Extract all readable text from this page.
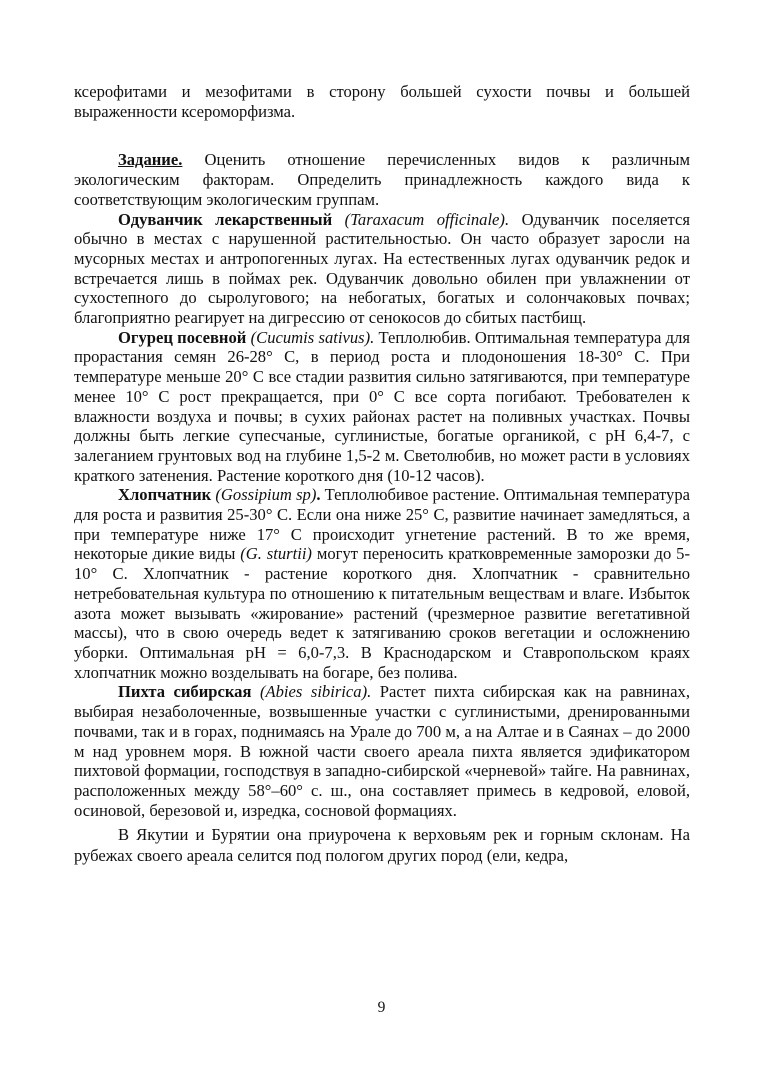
ксерофитами и мезофитами в сторону большей сухости почвы и большей выраженности ксероморфизма.

Задание. Оценить отношение перечисленных видов к различным экологическим факторам. Определить принадлежность каждого вида к соответствующим экологическим группам.

Одуванчик лекарственный (Taraxacum officinale). Одуванчик поселяется обычно в местах с нарушенной растительностью. Он часто образует заросли на мусорных местах и антропогенных лугах. На естественных лугах одуванчик редок и встречается лишь в поймах рек. Одуванчик довольно обилен при увлажнении от сухостепного до сыролугового; на небогатых, богатых и солончаковых почвах; благоприятно реагирует на дигрессию от сенокосов до сбитых пастбищ.

Огурец посевной (Cucumis sativus). Теплолюбив. Оптимальная температура для прорастания семян 26-28° С, в период роста и плодоношения 18-30° С. При температуре меньше 20° С все стадии развития сильно затягиваются, при температуре менее 10° С рост прекращается, при 0° С все сорта погибают. Требователен к влажности воздуха и почвы; в сухих районах растет на поливных участках. Почвы должны быть легкие супесчаные, суглинистые, богатые органикой, с рН 6,4-7, с залеганием грунтовых вод на глубине 1,5-2 м. Светолюбив, но может расти в условиях краткого затенения. Растение короткого дня (10-12 часов).

Хлопчатник (Gossipium sp). Теплолюбивое растение. Оптимальная температура для роста и развития 25-30° С. Если она ниже 25° С, развитие начинает замедляться, а при температуре ниже 17° С происходит угнетение растений. В то же время, некоторые дикие виды (G. sturtii) могут переносить кратковременные заморозки до 5-10° С. Хлопчатник - растение короткого дня. Хлопчатник - сравнительно нетребовательная культура по отношению к питательным веществам и влаге. Избыток азота может вызывать «жирование» растений (чрезмерное развитие вегетативной массы), что в свою очередь ведет к затягиванию сроков вегетации и осложнению уборки. Оптимальная рН = 6,0-7,3. В Краснодарском и Ставропольском краях хлопчатник можно возделывать на богаре, без полива.

Пихта сибирская (Abies sibirica). Растет пихта сибирская как на равнинах, выбирая незаболоченные, возвышенные участки с суглинистыми, дренированными почвами, так и в горах, поднимаясь на Урале до 700 м, а на Алтае и в Саянах – до 2000 м над уровнем моря. В южной части своего ареала пихта является эдификатором пихтовой формации, господствуя в западно-сибирской «черневой» тайге. На равнинах, расположенных между 58°–60° с. ш., она составляет примесь в кедровой, еловой, осиновой, березовой и, изредка, сосновой формациях.

В Якутии и Бурятии она приурочена к верховьям рек и горным склонам. На рубежах своего ареала селится под пологом других пород (ели, кедра,

9
